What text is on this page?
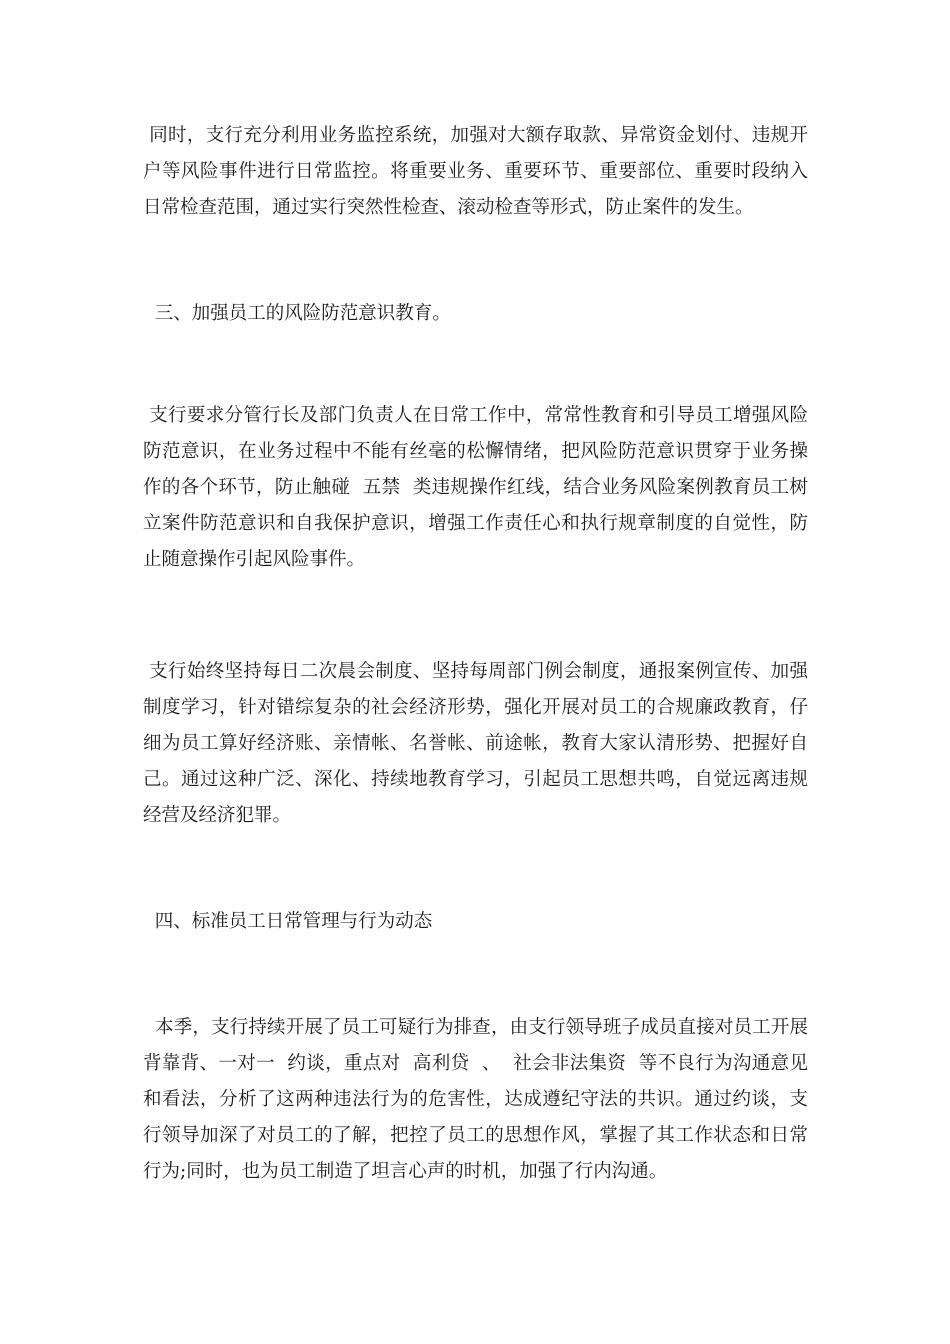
同时，支行充分利用业务监控系统，加强对大额存取款、异常资金划付、违规开户等风险事件进行日常监控。将重要业务、重要环节、重要部位、重要时段纳入日常检查范围，通过实行突然性检查、滚动检查等形式，防止案件的发生。

三、加强员工的风险防范意识教育。

支行要求分管行长及部门负责人在日常工作中，常常性教育和引导员工增强风险防范意识，在业务过程中不能有丝毫的松懈情绪，把风险防范意识贯穿于业务操作的各个环节，防止触碰  五禁  类违规操作红线，结合业务风险案例教育员工树立案件防范意识和自我保护意识，增强工作责任心和执行规章制度的自觉性，防止随意操作引起风险事件。

支行始终坚持每日二次晨会制度、坚持每周部门例会制度，通报案例宣传、加强制度学习，针对错综复杂的社会经济形势，强化开展对员工的合规廉政教育，仔细为员工算好经济账、亲情帐、名誉帐、前途帐，教育大家认清形势、把握好自己。通过这种广泛、深化、持续地教育学习，引起员工思想共鸣，自觉远离违规经营及经济犯罪。

四、标准员工日常管理与行为动态

本季，支行持续开展了员工可疑行为排查，由支行领导班子成员直接对员工开展  背靠背、一对一  约谈，重点对  高利贷  、  社会非法集资  等不良行为沟通意见和看法，分析了这两种违法行为的危害性，达成遵纪守法的共识。通过约谈，支行领导加深了对员工的了解，把控了员工的思想作风，掌握了其工作状态和日常行为;同时，也为员工制造了坦言心声的时机，加强了行内沟通。
